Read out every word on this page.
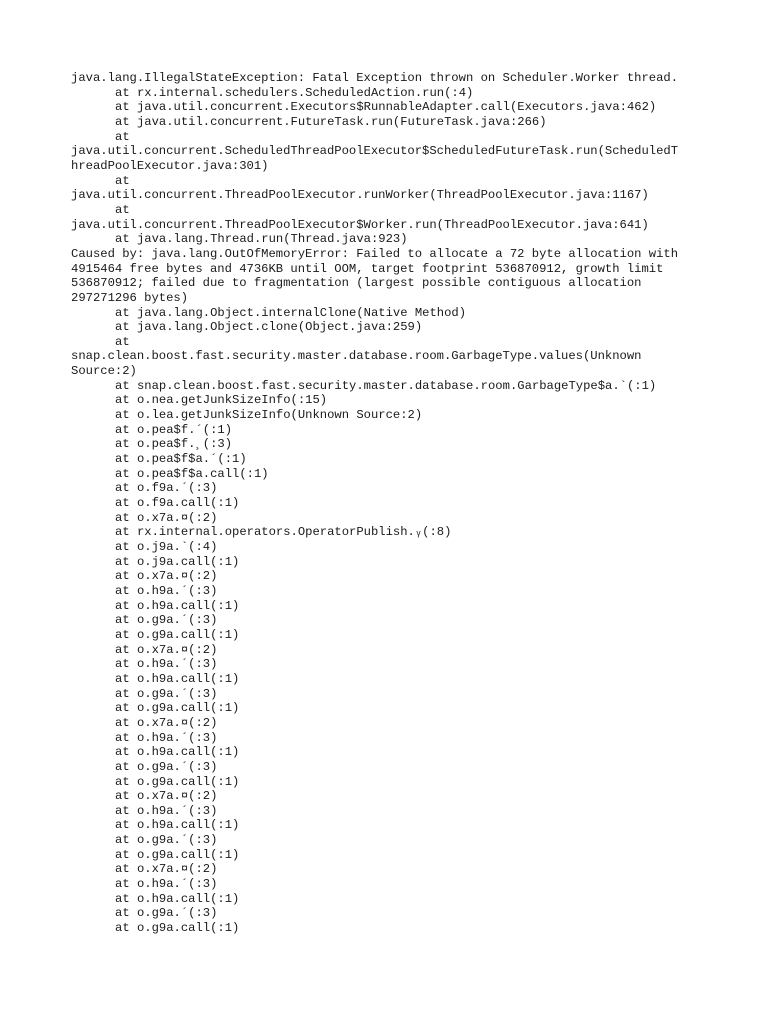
java.lang.IllegalStateException: Fatal Exception thrown on Scheduler.Worker thread.
at rx.internal.schedulers.ScheduledAction.run(:4)
at java.util.concurrent.Executors$RunnableAdapter.call(Executors.java:462)
at java.util.concurrent.FutureTask.run(FutureTask.java:266)
at
java.util.concurrent.ScheduledThreadPoolExecutor$ScheduledFutureTask.run(ScheduledT
hreadPoolExecutor.java:301)
at
java.util.concurrent.ThreadPoolExecutor.runWorker(ThreadPoolExecutor.java:1167)
at
java.util.concurrent.ThreadPoolExecutor$Worker.run(ThreadPoolExecutor.java:641)
at java.lang.Thread.run(Thread.java:923)
Caused by: java.lang.OutOfMemoryError: Failed to allocate a 72 byte allocation with
4915464 free bytes and 4736KB until OOM, target footprint 536870912, growth limit
536870912; failed due to fragmentation (largest possible contiguous allocation
297271296 bytes)
at java.lang.Object.internalClone(Native Method)
at java.lang.Object.clone(Object.java:259)
at
snap.clean.boost.fast.security.master.database.room.GarbageType.values(Unknown
Source:2)
at snap.clean.boost.fast.security.master.database.room.GarbageType$a.`(:1)
at o.nea.getJunkSizeInfo(:15)
at o.lea.getJunkSizeInfo(Unknown Source:2)
at o.pea$f.´(:1)
at o.pea$f.¸(:3)
at o.pea$f$a.´(:1)
at o.pea$f$a.call(:1)
at o.f9a.´(:3)
at o.f9a.call(:1)
at o.x7a.¤(:2)
at rx.internal.operators.OperatorPublish.ᵧ(:8)
at o.j9a.`(:4)
at o.j9a.call(:1)
at o.x7a.¤(:2)
at o.h9a.´(:3)
at o.h9a.call(:1)
at o.g9a.´(:3)
at o.g9a.call(:1)
at o.x7a.¤(:2)
at o.h9a.´(:3)
at o.h9a.call(:1)
at o.g9a.´(:3)
at o.g9a.call(:1)
at o.x7a.¤(:2)
at o.h9a.´(:3)
at o.h9a.call(:1)
at o.g9a.´(:3)
at o.g9a.call(:1)
at o.x7a.¤(:2)
at o.h9a.´(:3)
at o.h9a.call(:1)
at o.g9a.´(:3)
at o.g9a.call(:1)
at o.x7a.¤(:2)
at o.h9a.´(:3)
at o.h9a.call(:1)
at o.g9a.´(:3)
at o.g9a.call(:1)
